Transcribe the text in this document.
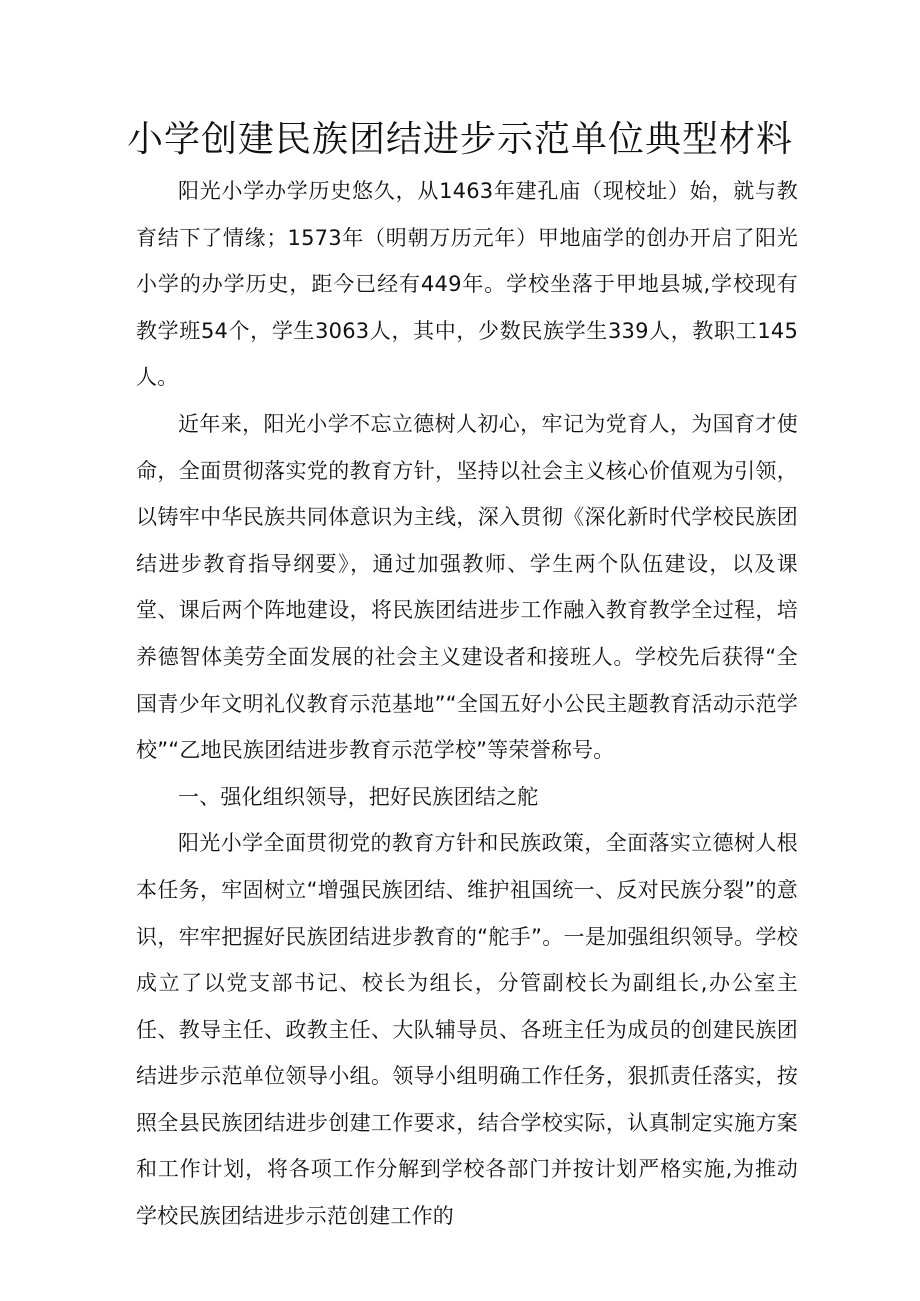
小学创建民族团结进步示范单位典型材料

阳光小学办学历史悠久，从1463年建孔庙（现校址）始，就与教育结下了情缘；1573年（明朝万历元年）甲地庙学的创办开启了阳光小学的办学历史，距今已经有449年。学校坐落于甲地县城,学校现有教学班54个，学生3063人，其中，少数民族学生339人，教职工145人。

近年来，阳光小学不忘立德树人初心，牢记为党育人，为国育才使命，全面贯彻落实党的教育方针，坚持以社会主义核心价值观为引领，以铸牢中华民族共同体意识为主线，深入贯彻《深化新时代学校民族团结进步教育指导纲要》，通过加强教师、学生两个队伍建设，以及课堂、课后两个阵地建设，将民族团结进步工作融入教育教学全过程，培养德智体美劳全面发展的社会主义建设者和接班人。学校先后获得“全国青少年文明礼仪教育示范基地”“全国五好小公民主题教育活动示范学校”“乙地民族团结进步教育示范学校”等荣誉称号。

一、强化组织领导，把好民族团结之舵

阳光小学全面贯彻党的教育方针和民族政策，全面落实立德树人根本任务，牢固树立“增强民族团结、维护祖国统一、反对民族分裂”的意识，牢牢把握好民族团结进步教育的“舵手”。一是加强组织领导。学校成立了以党支部书记、校长为组长，分管副校长为副组长,办公室主任、教导主任、政教主任、大队辅导员、各班主任为成员的创建民族团结进步示范单位领导小组。领导小组明确工作任务，狠抓责任落实，按照全县民族团结进步创建工作要求，结合学校实际，认真制定实施方案和工作计划，将各项工作分解到学校各部门并按计划严格实施,为推动学校民族团结进步示范创建工作的
